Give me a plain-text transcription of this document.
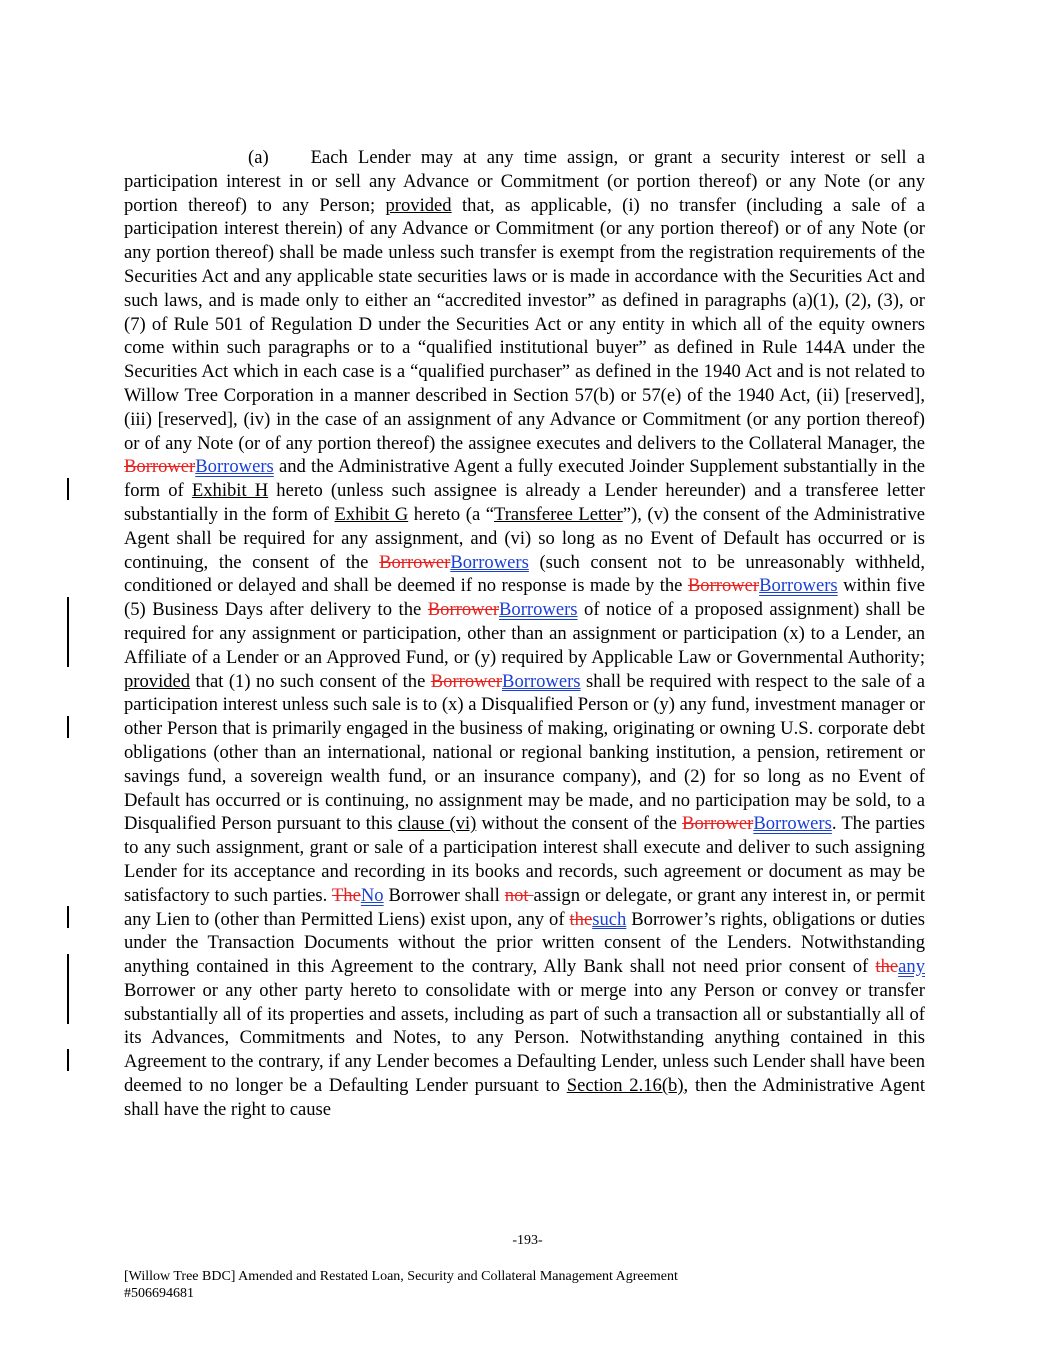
(a) Each Lender may at any time assign, or grant a security interest or sell a participation interest in or sell any Advance or Commitment (or portion thereof) or any Note (or any portion thereof) to any Person; provided that, as applicable, (i) no transfer (including a sale of a participation interest therein) of any Advance or Commitment (or any portion thereof) or of any Note (or any portion thereof) shall be made unless such transfer is exempt from the registration requirements of the Securities Act and any applicable state securities laws or is made in accordance with the Securities Act and such laws, and is made only to either an “accredited investor” as defined in paragraphs (a)(1), (2), (3), or (7) of Rule 501 of Regulation D under the Securities Act or any entity in which all of the equity owners come within such paragraphs or to a “qualified institutional buyer” as defined in Rule 144A under the Securities Act which in each case is a “qualified purchaser” as defined in the 1940 Act and is not related to Willow Tree Corporation in a manner described in Section 57(b) or 57(e) of the 1940 Act, (ii) [reserved], (iii) [reserved], (iv) in the case of an assignment of any Advance or Commitment (or any portion thereof) or of any Note (or of any portion thereof) the assignee executes and delivers to the Collateral Manager, the BorrowerBorrowers and the Administrative Agent a fully executed Joinder Supplement substantially in the form of Exhibit H hereto (unless such assignee is already a Lender hereunder) and a transferee letter substantially in the form of Exhibit G hereto (a “Transferee Letter”), (v) the consent of the Administrative Agent shall be required for any assignment, and (vi) so long as no Event of Default has occurred or is continuing, the consent of the BorrowerBorrowers (such consent not to be unreasonably withheld, conditioned or delayed and shall be deemed if no response is made by the BorrowerBorrowers within five (5) Business Days after delivery to the BorrowerBorrowers of notice of a proposed assignment) shall be required for any assignment or participation, other than an assignment or participation (x) to a Lender, an Affiliate of a Lender or an Approved Fund, or (y) required by Applicable Law or Governmental Authority; provided that (1) no such consent of the BorrowerBorrowers shall be required with respect to the sale of a participation interest unless such sale is to (x) a Disqualified Person or (y) any fund, investment manager or other Person that is primarily engaged in the business of making, originating or owning U.S. corporate debt obligations (other than an international, national or regional banking institution, a pension, retirement or savings fund, a sovereign wealth fund, or an insurance company), and (2) for so long as no Event of Default has occurred or is continuing, no assignment may be made, and no participation may be sold, to a Disqualified Person pursuant to this clause (vi) without the consent of the BorrowerBorrowers. The parties to any such assignment, grant or sale of a participation interest shall execute and deliver to such assigning Lender for its acceptance and recording in its books and records, such agreement or document as may be satisfactory to such parties. TheNo Borrower shall not assign or delegate, or grant any interest in, or permit any Lien to (other than Permitted Liens) exist upon, any of thesuch Borrower’s rights, obligations or duties under the Transaction Documents without the prior written consent of the Lenders. Notwithstanding anything contained in this Agreement to the contrary, Ally Bank shall not need prior consent of theany Borrower or any other party hereto to consolidate with or merge into any Person or convey or transfer substantially all of its properties and assets, including as part of such a transaction all or substantially all of its Advances, Commitments and Notes, to any Person. Notwithstanding anything contained in this Agreement to the contrary, if any Lender becomes a Defaulting Lender, unless such Lender shall have been deemed to no longer be a Defaulting Lender pursuant to Section 2.16(b), then the Administrative Agent shall have the right to cause
-193-
[Willow Tree BDC] Amended and Restated Loan, Security and Collateral Management Agreement
#506694681
